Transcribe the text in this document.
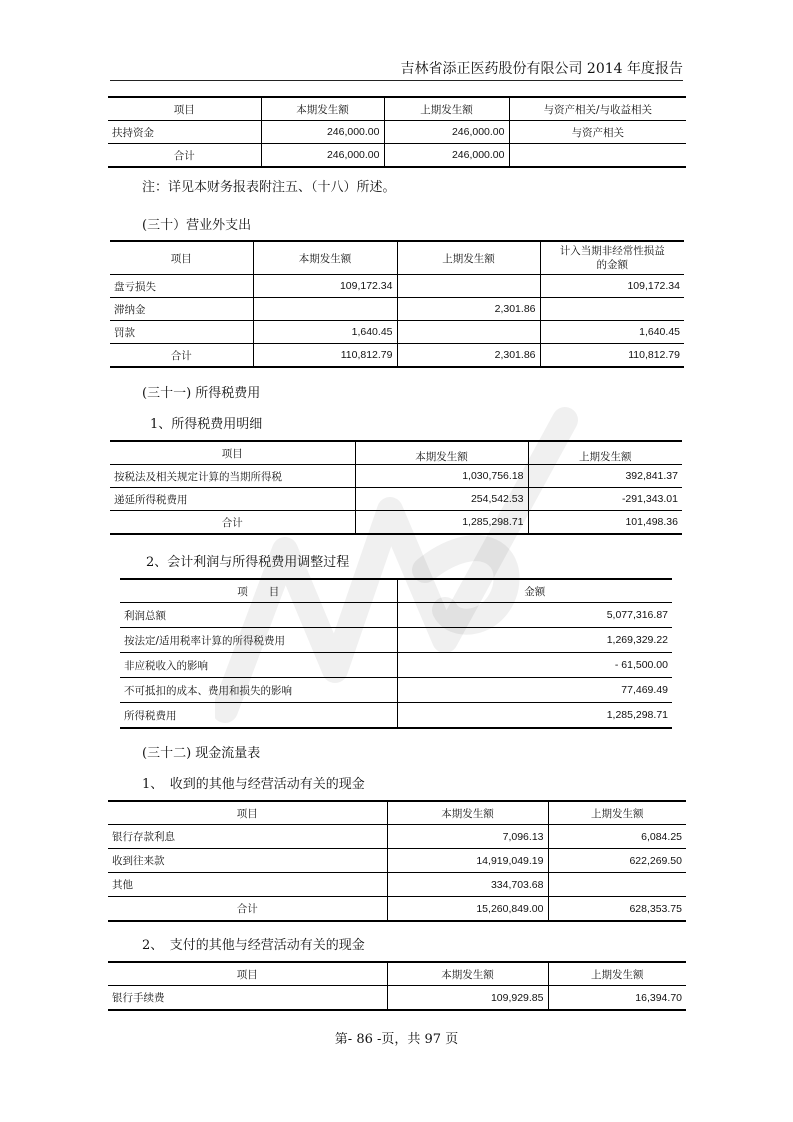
吉林省添正医药股份有限公司 2014 年度报告
项目	本期发生额	上期发生额	与资产相关/与收益相关
扶持资金	246,000.00	246,000.00	与资产相关
合计	246,000.00	246,000.00	
注：详见本财务报表附注五、（十八）所述。
(三十）营业外支出
项目	本期发生额	上期发生额	计入当期非经常性损益
的金额

盘亏损失	109,172.34		109,172.34
滞纳金		2,301.86	
罚款	1,640.45		1,640.45
合计	110,812.79	2,301.86	110,812.79
(三十一) 所得税费用
1、所得税费用明细
项目	本期发生额	上期发生额
按税法及相关规定计算的当期所得税	1,030,756.18	392,841.37
递延所得税费用	254,542.53	-291,343.01
合计	1,285,298.71	101,498.36
2、会计利润与所得税费用调整过程
项　　目	金额
利润总额	5,077,316.87
按法定/适用税率计算的所得税费用	1,269,329.22
非应税收入的影响	- 61,500.00
不可抵扣的成本、费用和损失的影响	77,469.49
所得税费用	1,285,298.71
(三十二) 现金流量表
1、　收到的其他与经营活动有关的现金
项目	本期发生额	上期发生额
银行存款利息	7,096.13	6,084.25
收到往来款	14,919,049.19	622,269.50
其他	334,703.68	
合计	15,260,849.00	628,353.75
2、　支付的其他与经营活动有关的现金
项目	本期发生额	上期发生额
银行手续费	109,929.85	16,394.70
第- 86 -页，共 97 页
